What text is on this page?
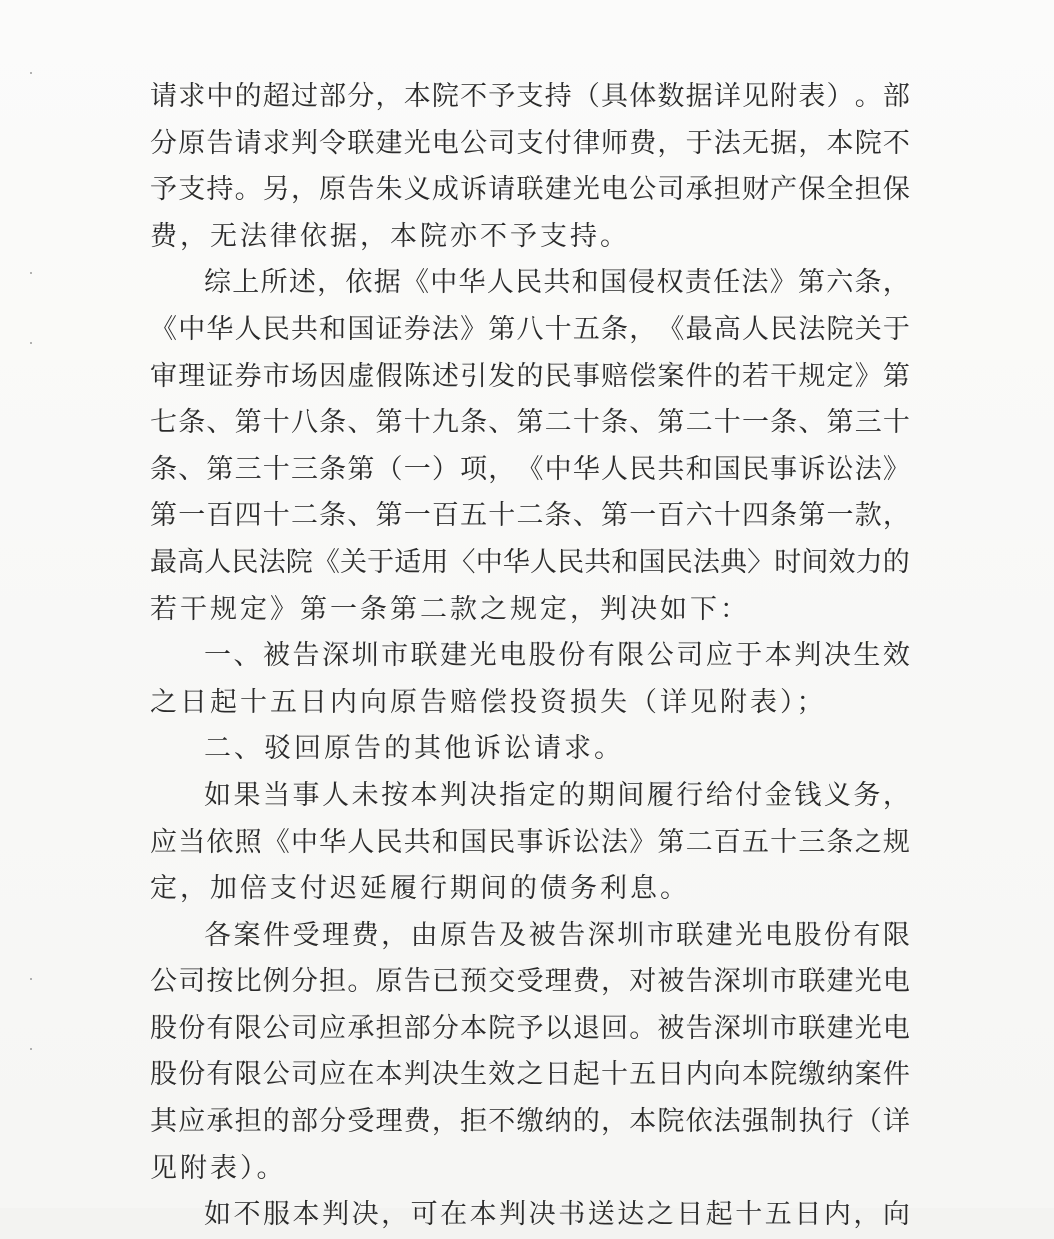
请 求 中 的 超 过 部 分 ， 本 院 不 予 支 持 （ 具 体 数 据 详 见 附 表 ） 。 部
分 原 告 请 求 判 令 联 建 光 电 公 司 支 付 律 师 费 ， 于 法 无 据 ， 本 院 不
予 支 持 。 另 ， 原 告 朱 义 成 诉 请 联 建 光 电 公 司 承 担 财 产 保 全 担 保
费，无法律依据，本院亦不予支持。
综 上 所 述 ， 依 据 《 中 华 人 民 共 和 国 侵 权 责 任 法 》 第 六 条 ，
《 中 华 人 民 共 和 国 证 券 法 》 第 八 十 五 条 ， 《 最 高 人 民 法 院 关 于
审 理 证 券 市 场 因 虚 假 陈 述 引 发 的 民 事 赔 偿 案 件 的 若 干 规 定 》 第
七 条 、 第 十 八 条 、 第 十 九 条 、 第 二 十 条 、 第 二 十 一 条 、 第 三 十
条 、 第 三 十 三 条 第 （ 一 ） 项 ， 《 中 华 人 民 共 和 国 民 事 诉 讼 法 》
第 一 百 四 十 二 条 、 第 一 百 五 十 二 条 、 第 一 百 六 十 四 条 第 一 款 ，
最 高 人 民 法 院 《 关 于 适 用 〈 中 华 人 民 共 和 国 民 法 典 〉 时 间 效 力 的
若干规定》第一条第二款之规定，判决如下：
一 、 被 告 深 圳 市 联 建 光 电 股 份 有 限 公 司 应 于 本 判 决 生 效
之日起十五日内向原告赔偿投资损失（详见附表）；
二、驳回原告的其他诉讼请求。
如 果 当 事 人 未 按 本 判 决 指 定 的 期 间 履 行 给 付 金 钱 义 务 ，
应 当 依 照 《 中 华 人 民 共 和 国 民 事 诉 讼 法 》 第 二 百 五 十 三 条 之 规
定，加倍支付迟延履行期间的债务利息。
各 案 件 受 理 费 ， 由 原 告 及 被 告 深 圳 市 联 建 光 电 股 份 有 限
公 司 按 比 例 分 担 。 原 告 已 预 交 受 理 费 ， 对 被 告 深 圳 市 联 建 光 电
股 份 有 限 公 司 应 承 担 部 分 本 院 予 以 退 回 。 被 告 深 圳 市 联 建 光 电
股 份 有 限 公 司 应 在 本 判 决 生 效 之 日 起 十 五 日 内 向 本 院 缴 纳 案 件
其 应 承 担 的 部 分 受 理 费 ， 拒 不 缴 纳 的 ， 本 院 依 法 强 制 执 行 （ 详
见附表）。
如 不 服 本 判 决 ， 可 在 本 判 决 书 送 达 之 日 起 十 五 日 内 ， 向
